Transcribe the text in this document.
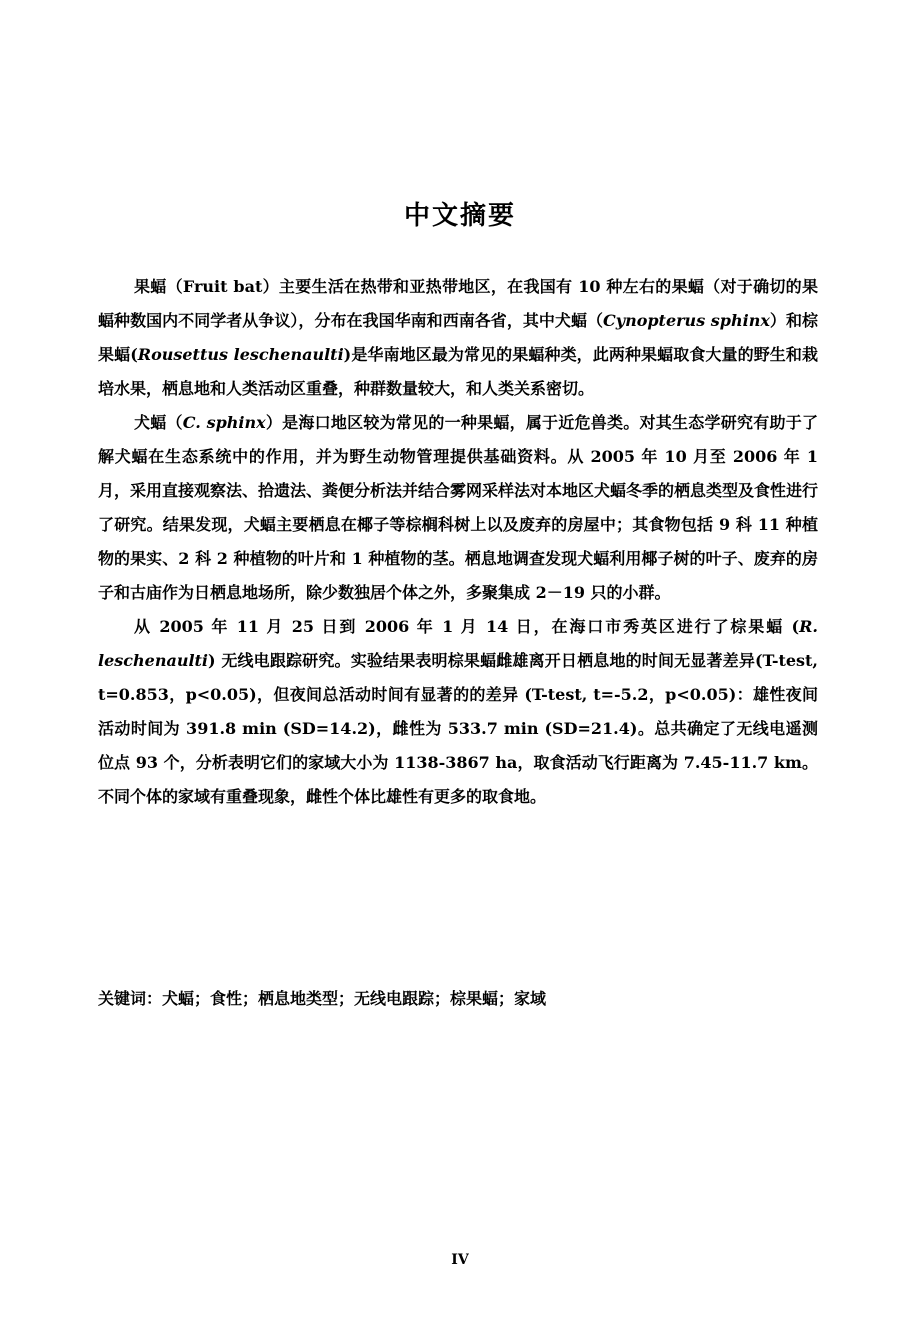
中文摘要

果蝠（Fruit bat）主要生活在热带和亚热带地区，在我国有 10 种左右的果蝠（对于确切的果蝠种数国内不同学者从争议），分布在我国华南和西南各省，其中犬蝠（Cynopterus sphinx）和棕果蝠(Rousettus leschenaulti)是华南地区最为常见的果蝠种类，此两种果蝠取食大量的野生和栽培水果，栖息地和人类活动区重叠，种群数量较大，和人类关系密切。

犬蝠（C. sphinx）是海口地区较为常见的一种果蝠，属于近危兽类。对其生态学研究有助于了解犬蝠在生态系统中的作用，并为野生动物管理提供基础资料。从 2005 年 10 月至 2006 年 1 月，采用直接观察法、拾遗法、粪便分析法并结合雾网采样法对本地区犬蝠冬季的栖息类型及食性进行了研究。结果发现，犬蝠主要栖息在椰子等棕榈科树上以及废弃的房屋中；其食物包括 9 科 11 种植物的果实、2 科 2 种植物的叶片和 1 种植物的茎。栖息地调查发现犬蝠利用椰子树的叶子、废弃的房子和古庙作为日栖息地场所，除少数独居个体之外，多聚集成 2－19 只的小群。

从 2005 年 11 月 25 日到 2006 年 1 月 14 日，在海口市秀英区进行了棕果蝠 (R. leschenaulti) 无线电跟踪研究。实验结果表明棕果蝠雌雄离开日栖息地的时间无显著差异(T-test, t=0.853，p<0.05)，但夜间总活动时间有显著的的差异 (T-test, t=-5.2，p<0.05)：雄性夜间活动时间为 391.8 min (SD=14.2)，雌性为 533.7 min (SD=21.4)。总共确定了无线电遥测位点 93 个，分析表明它们的家域大小为 1138-3867 ha，取食活动飞行距离为 7.45-11.7 km。不同个体的家域有重叠现象，雌性个体比雄性有更多的取食地。

关键词：犬蝠；食性；栖息地类型；无线电跟踪；棕果蝠；家域
IV
